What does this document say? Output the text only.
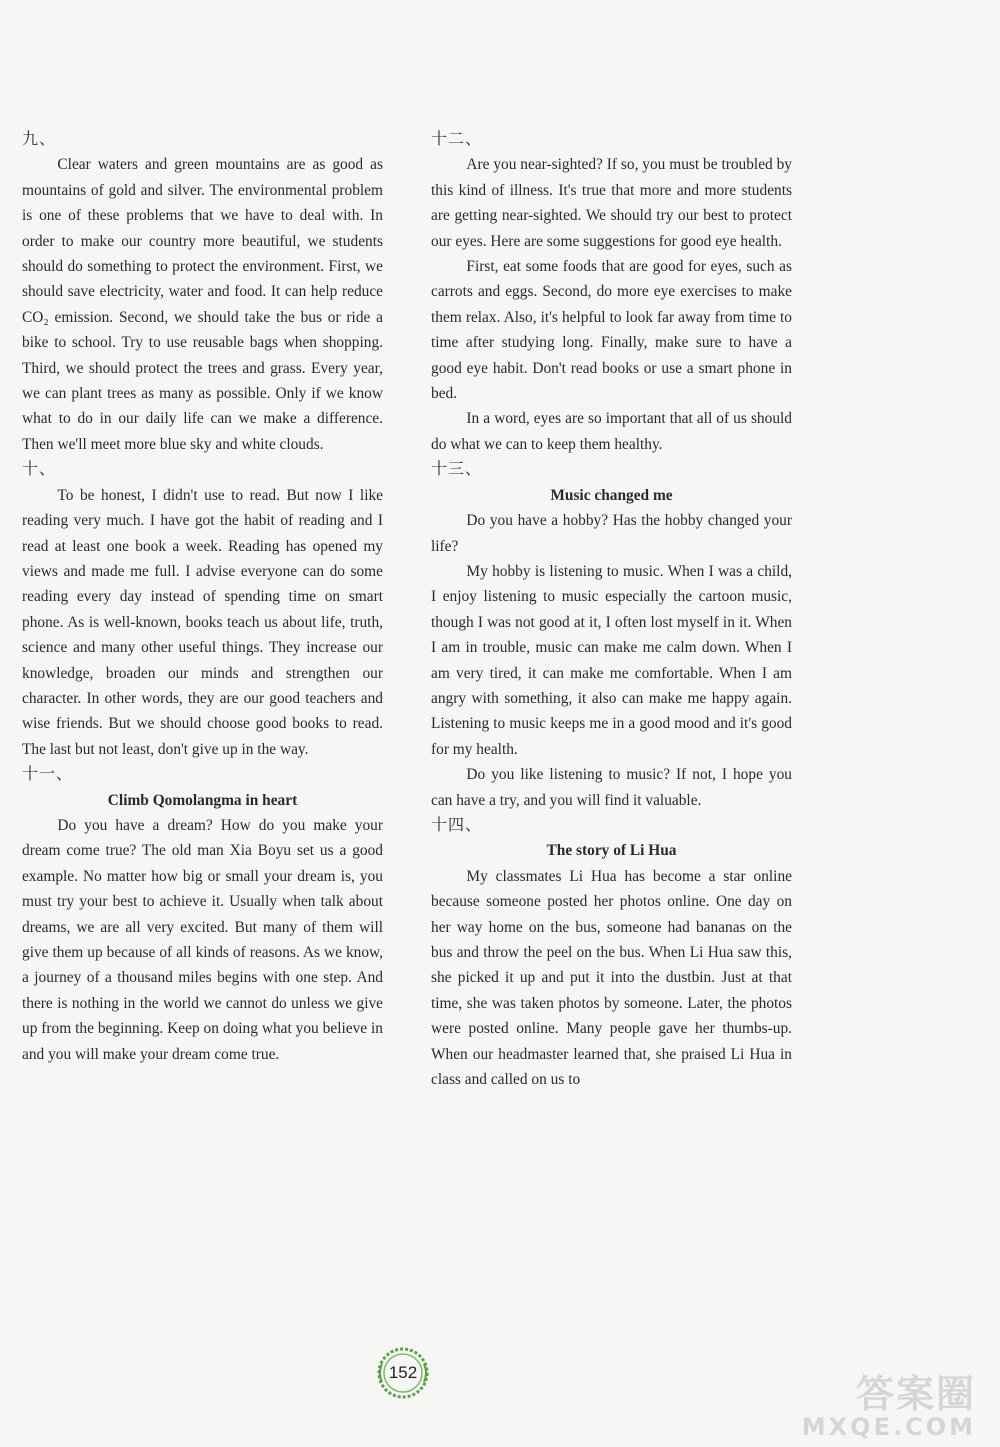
九、

Clear waters and green mountains are as good as mountains of gold and silver. The environmental problem is one of these problems that we have to deal with. In order to make our country more beautiful, we students should do something to protect the environment. First, we should save electricity, water and food. It can help reduce CO₂ emission. Second, we should take the bus or ride a bike to school. Try to use reusable bags when shopping. Third, we should protect the trees and grass. Every year, we can plant trees as many as possible. Only if we know what to do in our daily life can we make a difference. Then we'll meet more blue sky and white clouds.

十、

To be honest, I didn't use to read. But now I like reading very much. I have got the habit of reading and I read at least one book a week. Reading has opened my views and made me full. I advise everyone can do some reading every day instead of spending time on smart phone. As is well-known, books teach us about life, truth, science and many other useful things. They increase our knowledge, broaden our minds and strengthen our character. In other words, they are our good teachers and wise friends. But we should choose good books to read. The last but not least, don't give up in the way.

十一、

Climb Qomolangma in heart

Do you have a dream? How do you make your dream come true? The old man Xia Boyu set us a good example. No matter how big or small your dream is, you must try your best to achieve it. Usually when talk about dreams, we are all very excited. But many of them will give them up because of all kinds of reasons. As we know, a journey of a thousand miles begins with one step. And there is nothing in the world we cannot do unless we give up from the beginning. Keep on doing what you believe in and you will make your dream come true.

十二、

Are you near-sighted? If so, you must be troubled by this kind of illness. It's true that more and more students are getting near-sighted. We should try our best to protect our eyes. Here are some suggestions for good eye health.

First, eat some foods that are good for eyes, such as carrots and eggs. Second, do more eye exercises to make them relax. Also, it's helpful to look far away from time to time after studying long. Finally, make sure to have a good eye habit. Don't read books or use a smart phone in bed.

In a word, eyes are so important that all of us should do what we can to keep them healthy.

十三、

Music changed me

Do you have a hobby? Has the hobby changed your life?

My hobby is listening to music. When I was a child, I enjoy listening to music especially the cartoon music, though I was not good at it, I often lost myself in it. When I am in trouble, music can make me calm down. When I am very tired, it can make me comfortable. When I am angry with something, it also can make me happy again. Listening to music keeps me in a good mood and it's good for my health.

Do you like listening to music? If not, I hope you can have a try, and you will find it valuable.

十四、

The story of Li Hua

My classmates Li Hua has become a star online because someone posted her photos online. One day on her way home on the bus, someone had bananas on the bus and throw the peel on the bus. When Li Hua saw this, she picked it up and put it into the dustbin. Just at that time, she was taken photos by someone. Later, the photos were posted online. Many people gave her thumbs-up. When our headmaster learned that, she praised Li Hua in class and called on us to

152	答案圈
MXQE.COM
